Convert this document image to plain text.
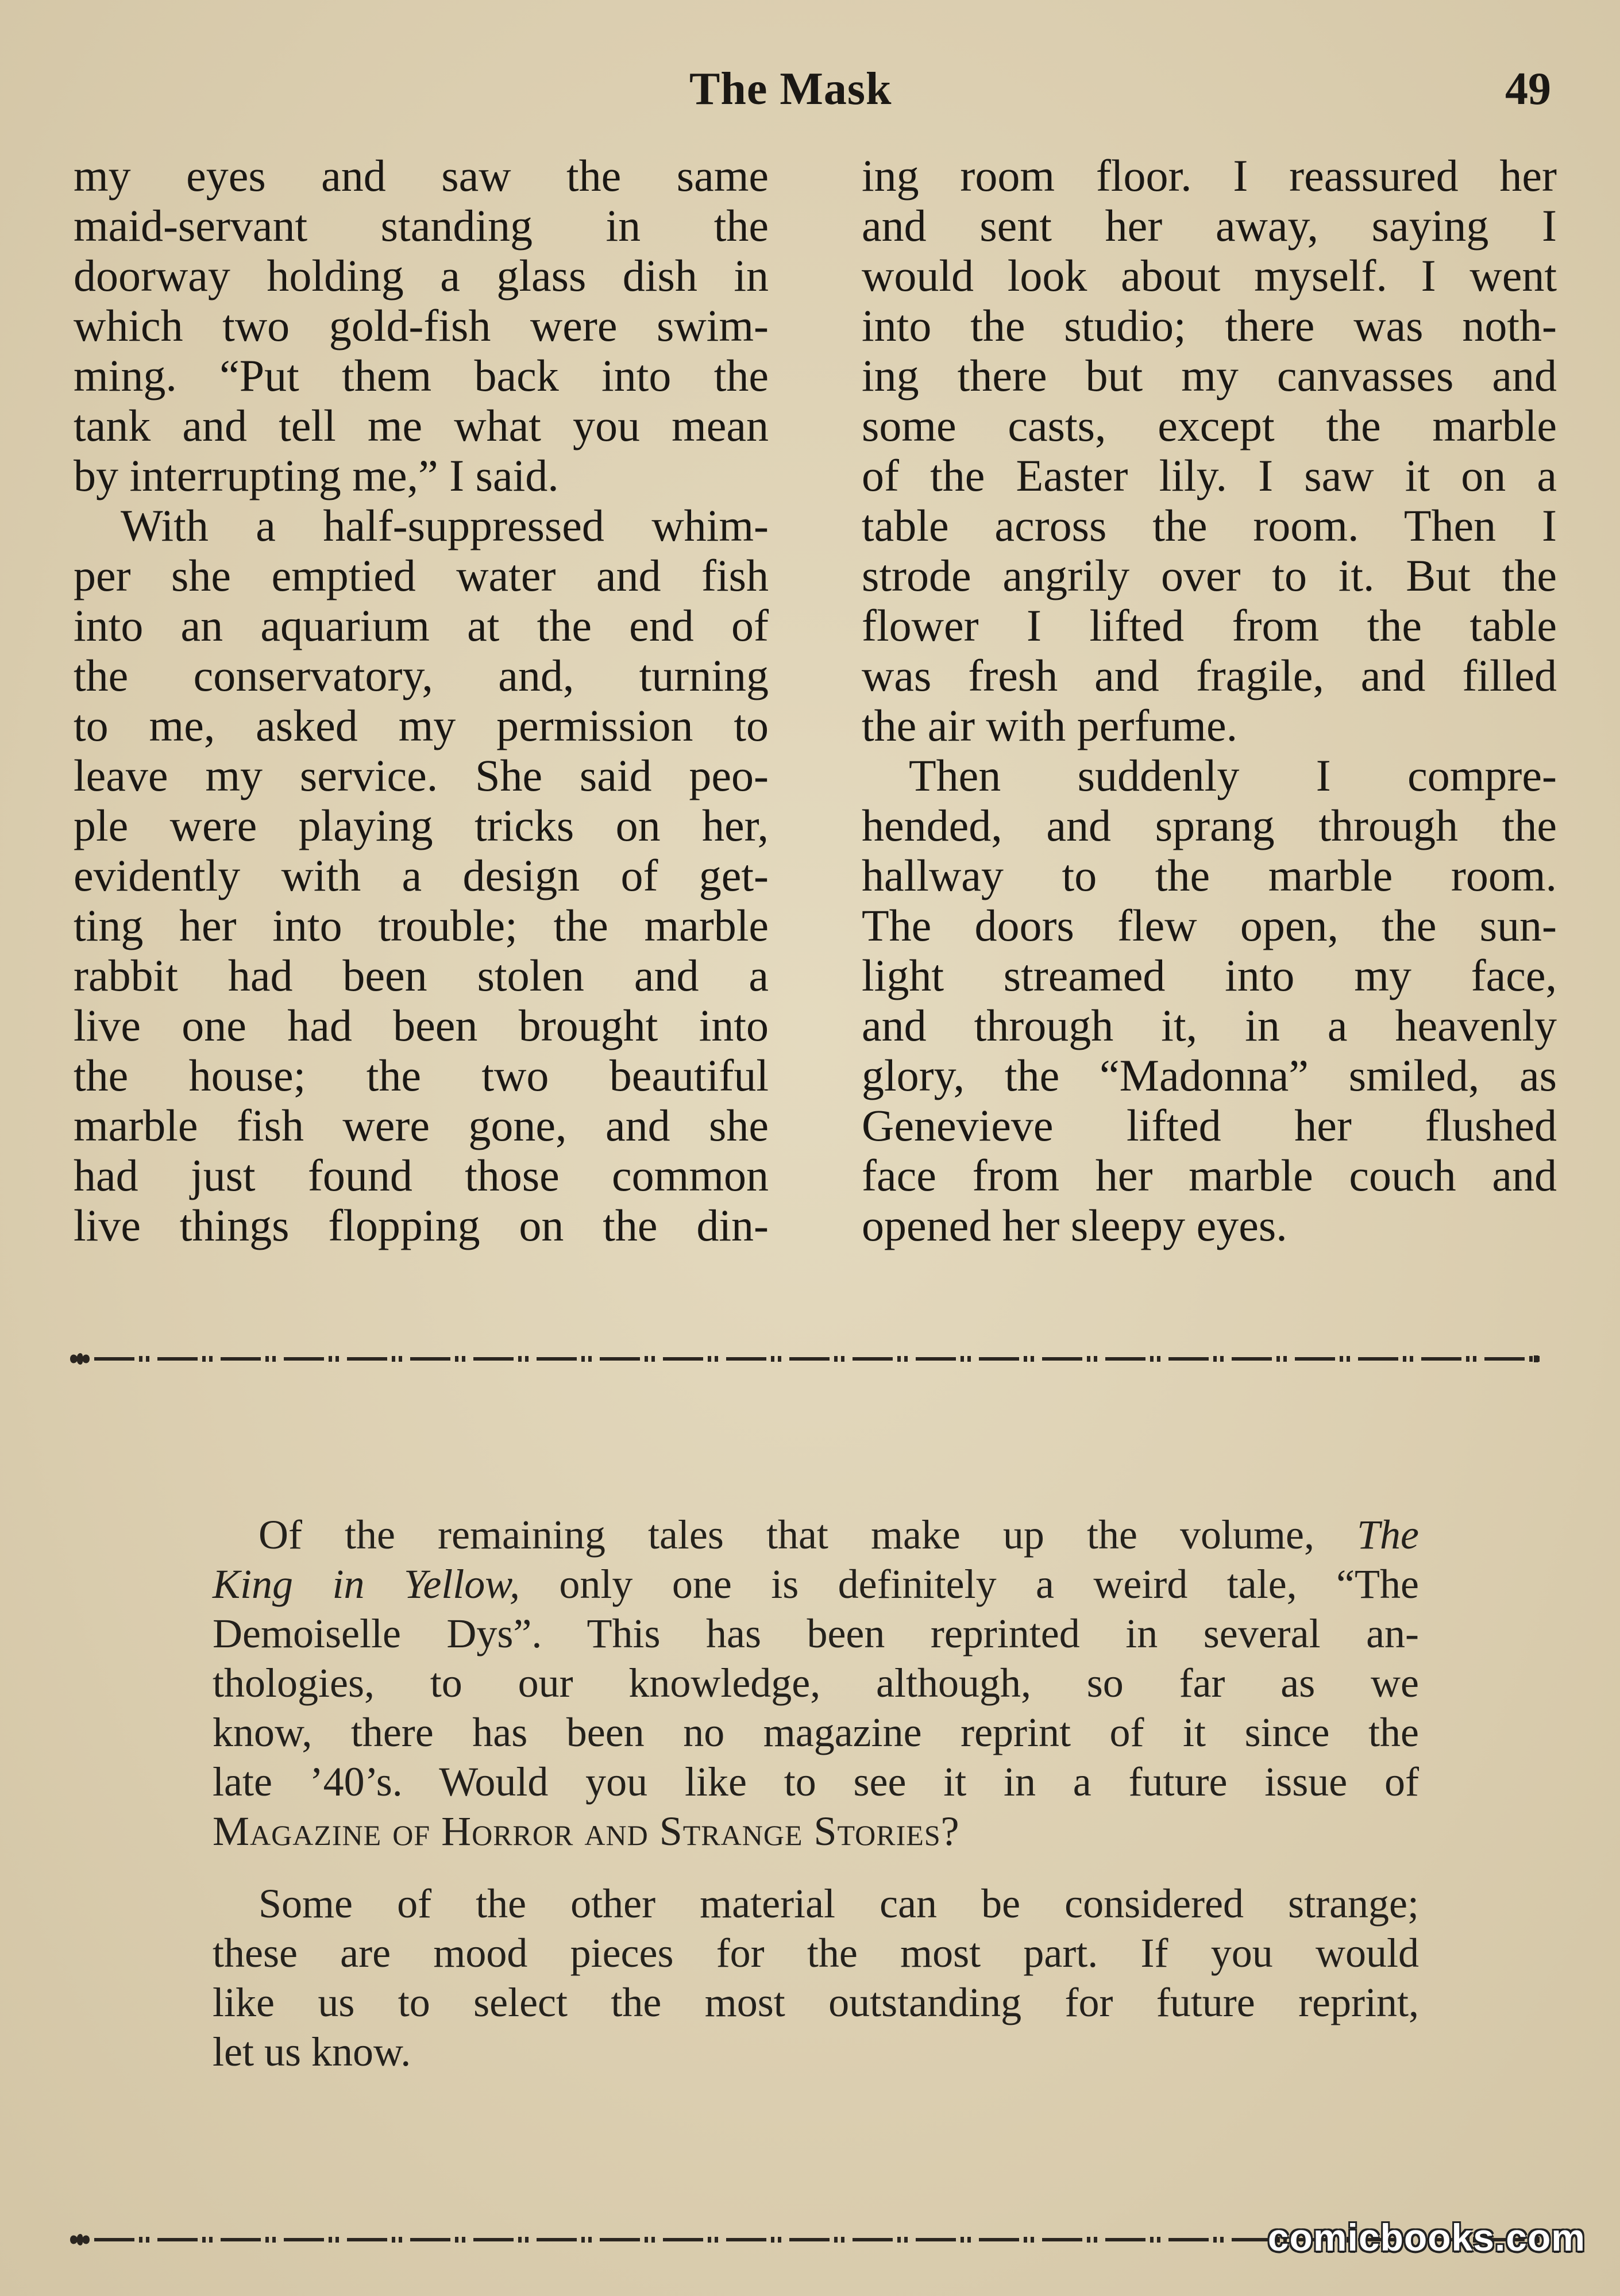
The Mask	49
my eyes and saw the same
maid-servant standing in the
doorway holding a glass dish in
which two gold-fish were swim-
ming. “Put them back into the
tank and tell me what you mean
by interrupting me,” I said.
With a half-suppressed whim-
per she emptied water and fish
into an aquarium at the end of
the conservatory, and, turning
to me, asked my permission to
leave my service. She said peo-
ple were playing tricks on her,
evidently with a design of get-
ting her into trouble; the marble
rabbit had been stolen and a
live one had been brought into
the house; the two beautiful
marble fish were gone, and she
had just found those common
live things flopping on the din-
ing room floor. I reassured her
and sent her away, saying I
would look about myself. I went
into the studio; there was noth-
ing there but my canvasses and
some casts, except the marble
of the Easter lily. I saw it on a
table across the room. Then I
strode angrily over to it. But the
flower I lifted from the table
was fresh and fragile, and filled
the air with perfume.
Then suddenly I compre-
hended, and sprang through the
hallway to the marble room.
The doors flew open, the sun-
light streamed into my face,
and through it, in a heavenly
glory, the “Madonna” smiled, as
Genevieve lifted her flushed
face from her marble couch and
opened her sleepy eyes.
Of the remaining tales that make up the volume, The
King in Yellow, only one is definitely a weird tale, “The
Demoiselle Dys”. This has been reprinted in several an-
thologies, to our knowledge, although, so far as we
know, there has been no magazine reprint of it since the
late ’40’s. Would you like to see it in a future issue of
Magazine of Horror and Strange Stories?
Some of the other material can be considered strange;
these are mood pieces for the most part. If you would
like us to select the most outstanding for future reprint,
let us know.
comicbooks.com
